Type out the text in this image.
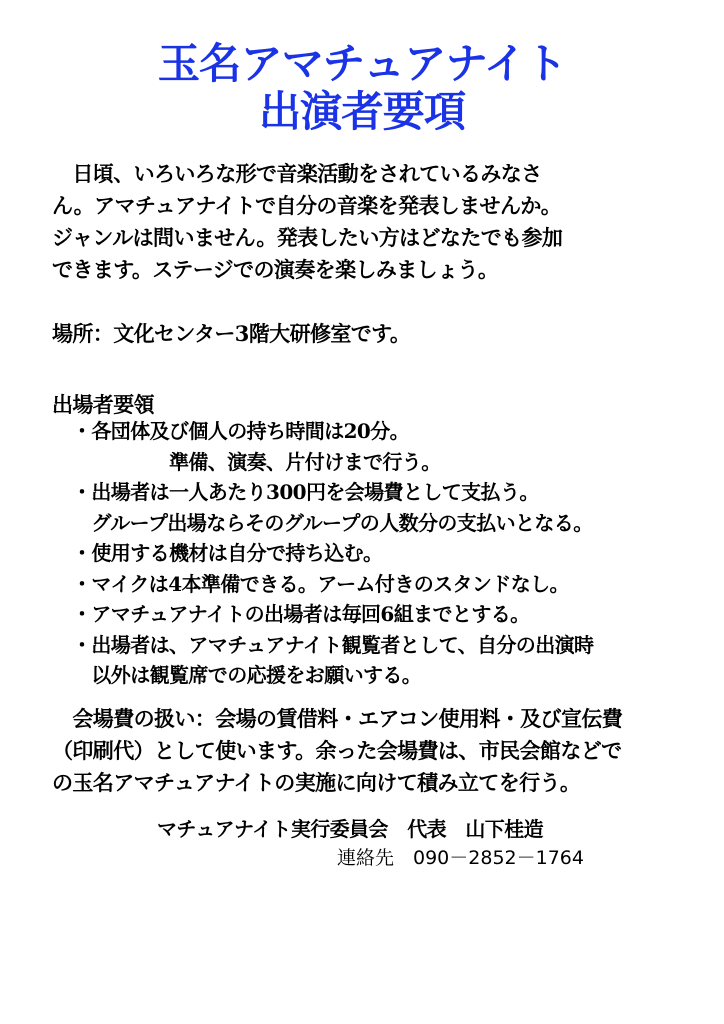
玉名アマチュアナイト
出演者要項
　日頃、いろいろな形で音楽活動をされているみなさ
ん。アマチュアナイトで自分の音楽を発表しませんか。
ジャンルは問いません。発表したい方はどなたでも参加
できます。ステージでの演奏を楽しみましょう。
場所：文化センター3階大研修室です。
出場者要領
・各団体及び個人の持ち時間は20分。
　　　　　準備、演奏、片付けまで行う。
・出場者は一人あたり300円を会場費として支払う。
　グループ出場ならそのグループの人数分の支払いとなる。
・使用する機材は自分で持ち込む。
・マイクは4本準備できる。アーム付きのスタンドなし。
・アマチュアナイトの出場者は毎回6組までとする。
・出場者は、アマチュアナイト観覧者として、自分の出演時
　以外は観覧席での応援をお願いする。
　会場費の扱い：会場の賃借料・エアコン使用料・及び宣伝費
（印刷代）として使います。余った会場費は、市民会館などで
の玉名アマチュアナイトの実施に向けて積み立てを行う。
マチュアナイト実行委員会　代表　山下桂造
連絡先　090－2852－1764
